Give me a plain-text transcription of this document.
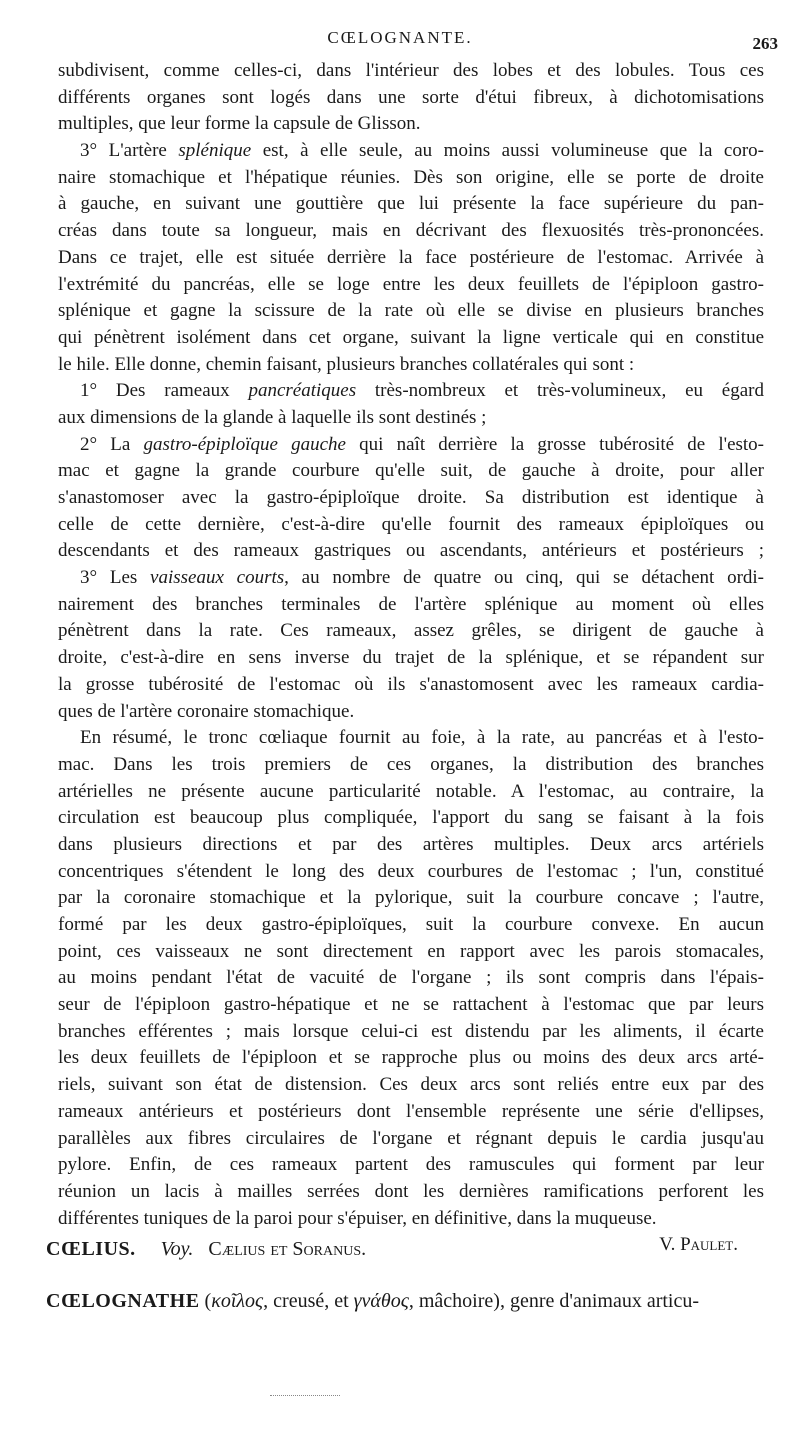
CŒLOGNANTE.	263
subdivisent, comme celles-ci, dans l'intérieur des lobes et des lobules. Tous ces
différents organes sont logés dans une sorte d'étui fibreux, à dichotomisations
multiples, que leur forme la capsule de Glisson.
3° L'artère splénique est, à elle seule, au moins aussi volumineuse que la coro-
naire stomachique et l'hépatique réunies. Dès son origine, elle se porte de droite
à gauche, en suivant une gouttière que lui présente la face supérieure du pan-
créas dans toute sa longueur, mais en décrivant des flexuosités très-prononcées.
Dans ce trajet, elle est située derrière la face postérieure de l'estomac. Arrivée à
l'extrémité du pancréas, elle se loge entre les deux feuillets de l'épiploon gastro-
splénique et gagne la scissure de la rate où elle se divise en plusieurs branches
qui pénètrent isolément dans cet organe, suivant la ligne verticale qui en constitue
le hile. Elle donne, chemin faisant, plusieurs branches collatérales qui sont :
1° Des rameaux pancréatiques très-nombreux et très-volumineux, eu égard
aux dimensions de la glande à laquelle ils sont destinés ;
2° La gastro-épiploïque gauche qui naît derrière la grosse tubérosité de l'esto-
mac et gagne la grande courbure qu'elle suit, de gauche à droite, pour aller
s'anastomoser avec la gastro-épiploïque droite. Sa distribution est identique à
celle de cette dernière, c'est-à-dire qu'elle fournit des rameaux épiploïques ou
descendants et des rameaux gastriques ou ascendants, antérieurs et postérieurs ;
3° Les vaisseaux courts, au nombre de quatre ou cinq, qui se détachent ordi-
nairement des branches terminales de l'artère splénique au moment où elles
pénètrent dans la rate. Ces rameaux, assez grêles, se dirigent de gauche à
droite, c'est-à-dire en sens inverse du trajet de la splénique, et se répandent sur
la grosse tubérosité de l'estomac où ils s'anastomosent avec les rameaux cardia-
ques de l'artère coronaire stomachique.
En résumé, le tronc cœliaque fournit au foie, à la rate, au pancréas et à l'esto-
mac. Dans les trois premiers de ces organes, la distribution des branches
artérielles ne présente aucune particularité notable. A l'estomac, au contraire, la
circulation est beaucoup plus compliquée, l'apport du sang se faisant à la fois
dans plusieurs directions et par des artères multiples. Deux arcs artériels
concentriques s'étendent le long des deux courbures de l'estomac ; l'un, constitué
par la coronaire stomachique et la pylorique, suit la courbure concave ; l'autre,
formé par les deux gastro-épiploïques, suit la courbure convexe. En aucun
point, ces vaisseaux ne sont directement en rapport avec les parois stomacales,
au moins pendant l'état de vacuité de l'organe ; ils sont compris dans l'épais-
seur de l'épiploon gastro-hépatique et ne se rattachent à l'estomac que par leurs
branches efférentes ; mais lorsque celui-ci est distendu par les aliments, il écarte
les deux feuillets de l'épiploon et se rapproche plus ou moins des deux arcs arté-
riels, suivant son état de distension. Ces deux arcs sont reliés entre eux par des
rameaux antérieurs et postérieurs dont l'ensemble représente une série d'ellipses,
parallèles aux fibres circulaires de l'organe et régnant depuis le cardia jusqu'au
pylore. Enfin, de ces rameaux partent des ramuscules qui forment par leur
réunion un lacis à mailles serrées dont les dernières ramifications perforent les
différentes tuniques de la paroi pour s'épuiser, en définitive, dans la muqueuse.
V. Paulet.
CŒLIUS. Voy. Cælius et Soranus.
CŒLOGNATHE (κοῖλος, creusé, et γνάθος, mâchoire), genre d'animaux articu-
